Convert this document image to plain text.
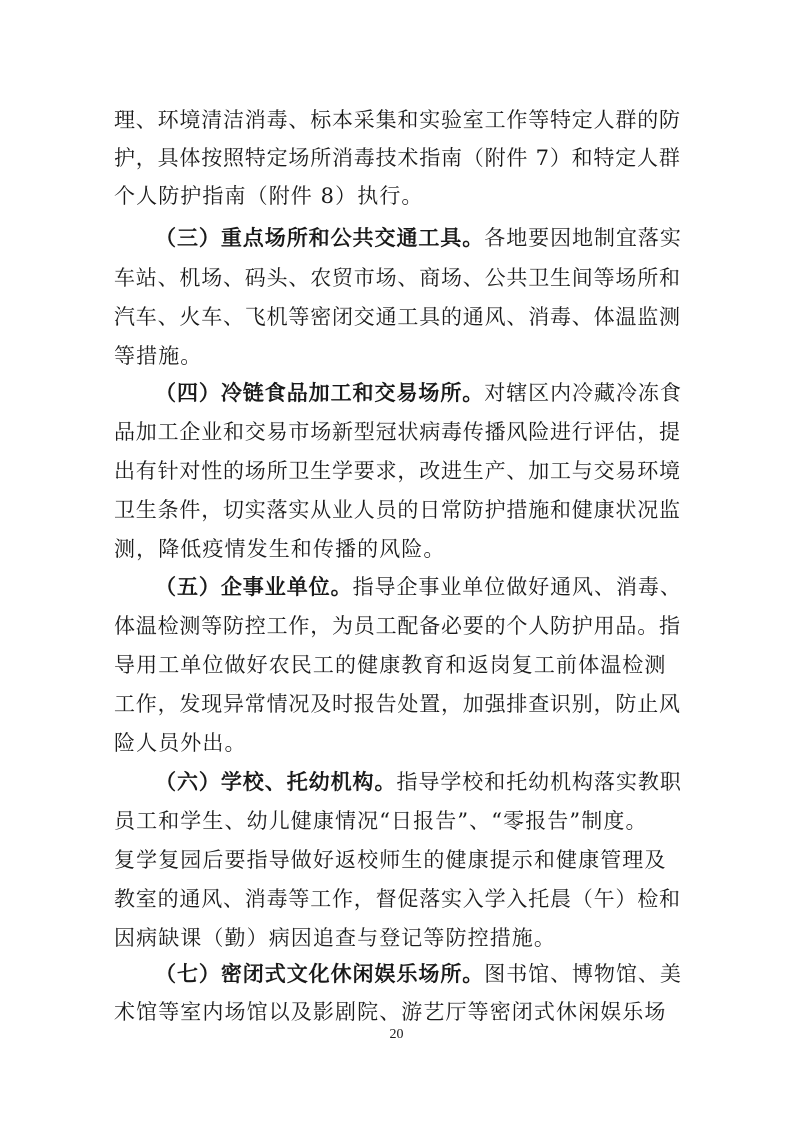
理、环境清洁消毒、标本采集和实验室工作等特定人群的防
护，具体按照特定场所消毒技术指南（附件 7）和特定人群
个人防护指南（附件 8）执行。
（三）重点场所和公共交通工具。各地要因地制宜落实
车站、机场、码头、农贸市场、商场、公共卫生间等场所和
汽车、火车、飞机等密闭交通工具的通风、消毒、体温监测
等措施。
（四）冷链食品加工和交易场所。对辖区内冷藏冷冻食
品加工企业和交易市场新型冠状病毒传播风险进行评估，提
出有针对性的场所卫生学要求，改进生产、加工与交易环境
卫生条件，切实落实从业人员的日常防护措施和健康状况监
测，降低疫情发生和传播的风险。
（五）企事业单位。指导企事业单位做好通风、消毒、
体温检测等防控工作，为员工配备必要的个人防护用品。指
导用工单位做好农民工的健康教育和返岗复工前体温检测
工作，发现异常情况及时报告处置，加强排查识别，防止风
险人员外出。
（六）学校、托幼机构。指导学校和托幼机构落实教职
员工和学生、幼儿健康情况“日报告”、“零报告”制度。
复学复园后要指导做好返校师生的健康提示和健康管理及
教室的通风、消毒等工作，督促落实入学入托晨（午）检和
因病缺课（勤）病因追查与登记等防控措施。
（七）密闭式文化休闲娱乐场所。图书馆、博物馆、美
术馆等室内场馆以及影剧院、游艺厅等密闭式休闲娱乐场
20
